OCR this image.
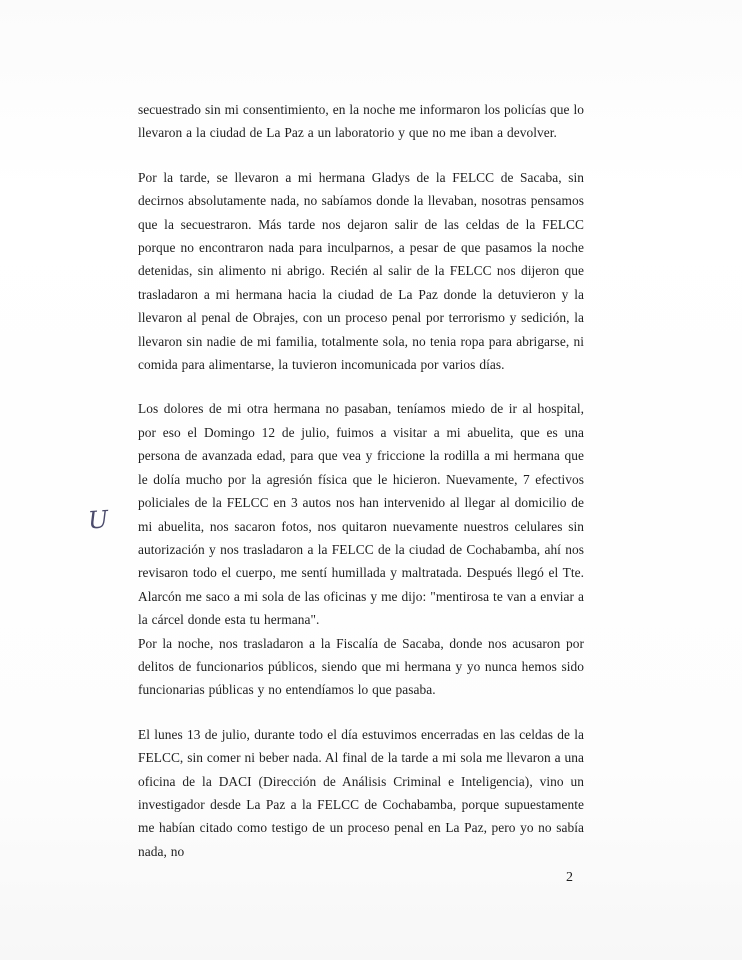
secuestrado sin mi consentimiento, en la noche me informaron los policías que lo llevaron a la ciudad de La Paz a un laboratorio y que no me iban a devolver.

Por la tarde, se llevaron a mi hermana Gladys de la FELCC de Sacaba, sin decirnos absolutamente nada, no sabíamos donde la llevaban, nosotras pensamos que la secuestraron. Más tarde nos dejaron salir de las celdas de la FELCC porque no encontraron nada para inculparnos, a pesar de que pasamos la noche detenidas, sin alimento ni abrigo. Recién al salir de la FELCC nos dijeron que trasladaron a mi hermana hacia la ciudad de La Paz donde la detuvieron y la llevaron al penal de Obrajes, con un proceso penal por terrorismo y sedición, la llevaron sin nadie de mi familia, totalmente sola, no tenia ropa para abrigarse, ni comida para alimentarse, la tuvieron incomunicada por varios días.

Los dolores de mi otra hermana no pasaban, teníamos miedo de ir al hospital, por eso el Domingo 12 de julio, fuimos a visitar a mi abuelita, que es una persona de avanzada edad, para que vea y friccione la rodilla a mi hermana que le dolía mucho por la agresión física que le hicieron. Nuevamente, 7 efectivos policiales de la FELCC en 3 autos nos han intervenido al llegar al domicilio de mi abuelita, nos sacaron fotos, nos quitaron nuevamente nuestros celulares sin autorización y nos trasladaron a la FELCC de la ciudad de Cochabamba, ahí nos revisaron todo el cuerpo, me sentí humillada y maltratada. Después llegó el Tte. Alarcón me saco a mi sola de las oficinas y me dijo: "mentirosa te van a enviar a la cárcel donde esta tu hermana".

Por la noche, nos trasladaron a la Fiscalía de Sacaba, donde nos acusaron por delitos de funcionarios públicos, siendo que mi hermana y yo nunca hemos sido funcionarias públicas y no entendíamos lo que pasaba.

El lunes 13 de julio, durante todo el día estuvimos encerradas en las celdas de la FELCC, sin comer ni beber nada. Al final de la tarde a mi sola me llevaron a una oficina de la DACI (Dirección de Análisis Criminal e Inteligencia), vino un investigador desde La Paz a la FELCC de Cochabamba, porque supuestamente me habían citado como testigo de un proceso penal en La Paz, pero yo no sabía nada, no

U
2
